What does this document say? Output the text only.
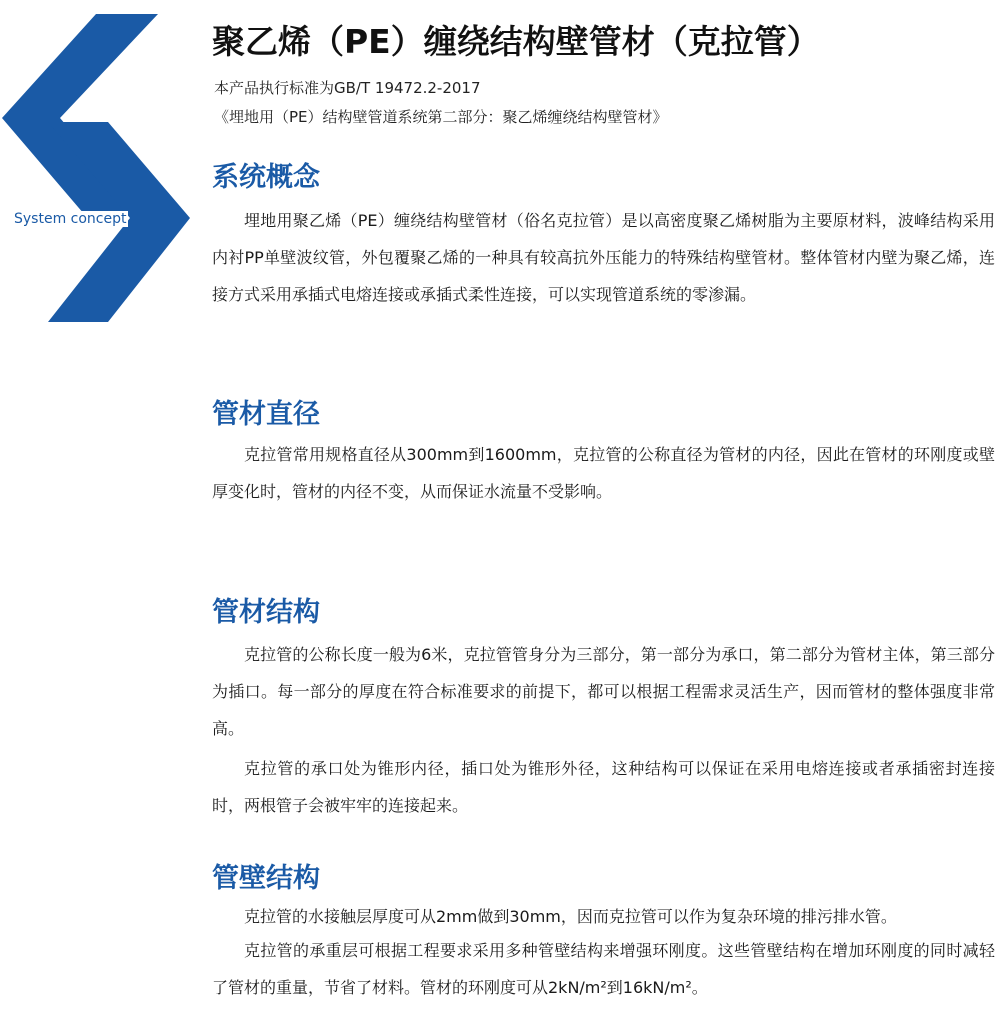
System concept
聚乙烯（PE）缠绕结构壁管材（克拉管）
本产品执行标准为GB/T 19472.2-2017
《埋地用（PE）结构壁管道系统第二部分：聚乙烯缠绕结构壁管材》
系统概念

埋地用聚乙烯（PE）缠绕结构壁管材（俗名克拉管）是以高密度聚乙烯树脂为主要原材料，波峰结构采用内衬PP单壁波纹管，外包覆聚乙烯的一种具有较高抗外压能力的特殊结构壁管材。整体管材内壁为聚乙烯，连接方式采用承插式电熔连接或承插式柔性连接，可以实现管道系统的零渗漏。

管材直径

克拉管常用规格直径从300mm到1600mm，克拉管的公称直径为管材的内径，因此在管材的环刚度或壁厚变化时，管材的内径不变，从而保证水流量不受影响。

管材结构

克拉管的公称长度一般为6米，克拉管管身分为三部分，第一部分为承口，第二部分为管材主体，第三部分为插口。每一部分的厚度在符合标准要求的前提下，都可以根据工程需求灵活生产，因而管材的整体强度非常高。

克拉管的承口处为锥形内径，插口处为锥形外径，这种结构可以保证在采用电熔连接或者承插密封连接时，两根管子会被牢牢的连接起来。

管壁结构

克拉管的水接触层厚度可从2mm做到30mm，因而克拉管可以作为复杂环境的排污排水管。

克拉管的承重层可根据工程要求采用多种管壁结构来增强环刚度。这些管壁结构在增加环刚度的同时减轻了管材的重量，节省了材料。管材的环刚度可从2kN/m²到16kN/m²。
